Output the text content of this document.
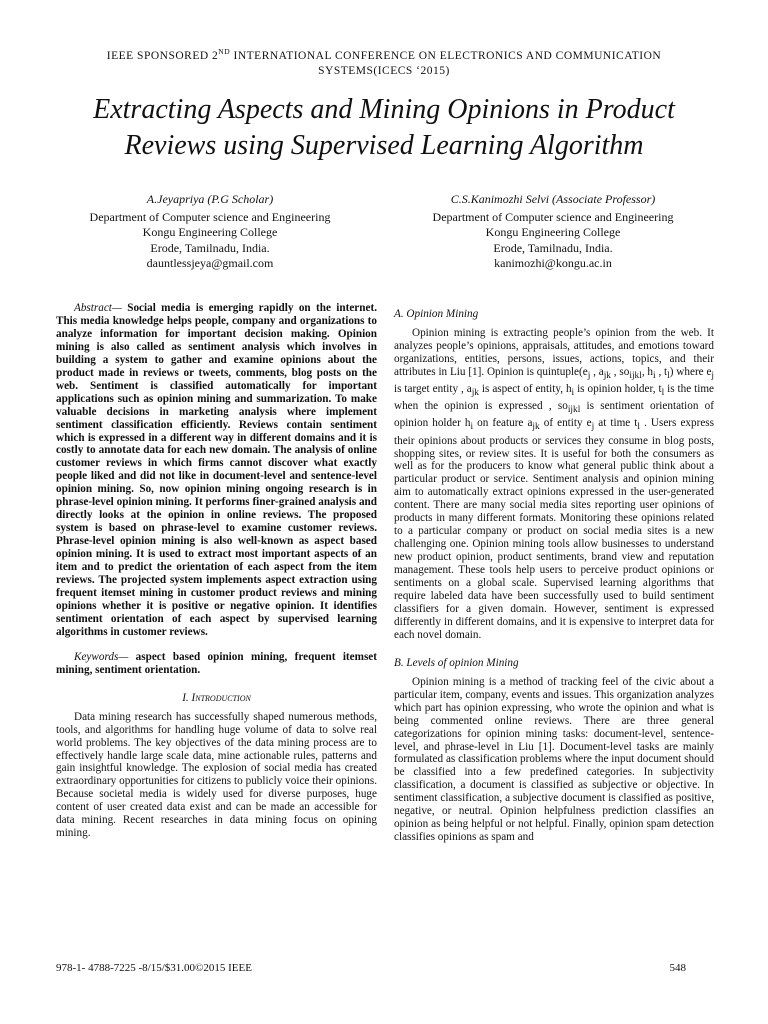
IEEE SPONSORED 2ND INTERNATIONAL CONFERENCE ON ELECTRONICS AND COMMUNICATION
SYSTEMS(ICECS ‘2015)
Extracting Aspects and Mining Opinions in Product
Reviews using Supervised Learning Algorithm
A.Jeyapriya (P.G Scholar)
Department of Computer science and Engineering
Kongu Engineering College
Erode, Tamilnadu, India.
dauntlessjeya@gmail.com
C.S.Kanimozhi Selvi (Associate Professor)
Department of Computer science and Engineering
Kongu Engineering College
Erode, Tamilnadu, India.
kanimozhi@kongu.ac.in

Abstract— Social media is emerging rapidly on the internet. This media knowledge helps people, company and organizations to analyze information for important decision making. Opinion mining is also called as sentiment analysis which involves in building a system to gather and examine opinions about the product made in reviews or tweets, comments, blog posts on the web. Sentiment is classified automatically for important applications such as opinion mining and summarization. To make valuable decisions in marketing analysis where implement sentiment classification efficiently. Reviews contain sentiment which is expressed in a different way in different domains and it is costly to annotate data for each new domain. The analysis of online customer reviews in which firms cannot discover what exactly people liked and did not like in document-level and sentence-level opinion mining. So, now opinion mining ongoing research is in phrase-level opinion mining. It performs finer-grained analysis and directly looks at the opinion in online reviews. The proposed system is based on phrase-level to examine customer reviews. Phrase-level opinion mining is also well-known as aspect based opinion mining. It is used to extract most important aspects of an item and to predict the orientation of each aspect from the item reviews. The projected system implements aspect extraction using frequent itemset mining in customer product reviews and mining opinions whether it is positive or negative opinion. It identifies sentiment orientation of each aspect by supervised learning algorithms in customer reviews.

Keywords— aspect based opinion mining, frequent itemset mining, sentiment orientation.

I. Introduction

Data mining research has successfully shaped numerous methods, tools, and algorithms for handling huge volume of data to solve real world problems. The key objectives of the data mining process are to effectively handle large scale data, mine actionable rules, patterns and gain insightful knowledge. The explosion of social media has created extraordinary opportunities for citizens to publicly voice their opinions. Because societal media is widely used for diverse purposes, huge content of user created data exist and can be made an accessible for data mining. Recent researches in data mining focus on opining mining.

A. Opinion Mining

Opinion mining is extracting people’s opinion from the web. It analyzes people’s opinions, appraisals, attitudes, and emotions toward organizations, entities, persons, issues, actions, topics, and their attributes in Liu [1]. Opinion is $quintuple(e_j$ , $a_{jk}$ , $so_{ijkl}$, $h_i$ , $t_l$) where $e_j$ is target entity , $a_{jk}$ is aspect of entity, $h_i$ is opinion holder, $t_l$ is the time when the opinion is expressed , $so_{ijkl}$ is sentiment orientation of opinion holder $h_i$ on feature $a_{jk}$ of entity $e_j$ at time $t_l$ . Users express their opinions about products or services they consume in blog posts, shopping sites, or review sites. It is useful for both the consumers as well as for the producers to know what general public think about a particular product or service. Sentiment analysis and opinion mining aim to automatically extract opinions expressed in the user-generated content. There are many social media sites reporting user opinions of products in many different formats. Monitoring these opinions related to a particular company or product on social media sites is a new challenging one. Opinion mining tools allow businesses to understand new product opinion, product sentiments, brand view and reputation management. These tools help users to perceive product opinions or sentiments on a global scale. Supervised learning algorithms that require labeled data have been successfully used to build sentiment classifiers for a given domain. However, sentiment is expressed differently in different domains, and it is expensive to interpret data for each novel domain.

B. Levels of opinion Mining

Opinion mining is a method of tracking feel of the civic about a particular item, company, events and issues. This organization analyzes which part has opinion expressing, who wrote the opinion and what is being commented online reviews. There are three general categorizations for opinion mining tasks: document-level, sentence-level, and phrase-level in Liu [1]. Document-level tasks are mainly formulated as classification problems where the input document should be classified into a few predefined categories. In subjectivity classification, a document is classified as subjective or objective. In sentiment classification, a subjective document is classified as positive, negative, or neutral. Opinion helpfulness prediction classifies an opinion as being helpful or not helpful. Finally, opinion spam detection classifies opinions as spam and

978-1- 4788-7225 -8/15/$31.00©2015 IEEE	548
